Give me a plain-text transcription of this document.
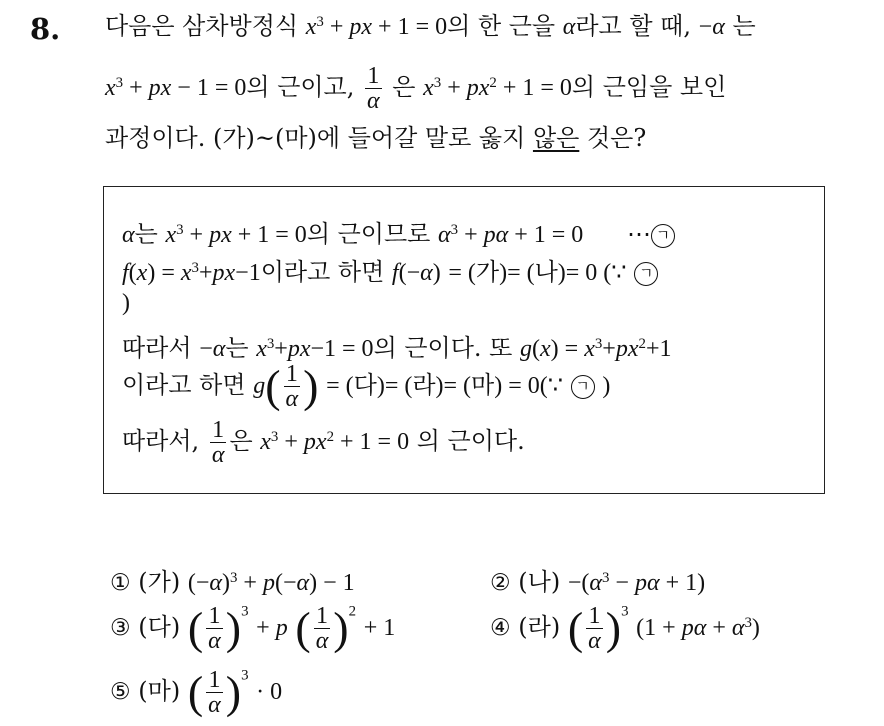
8. 다음은 삼차방정식 $x^3$ + px + 1 = 0의 한 근을 α라고 할 때, −α 는
$x^3$ + px − 1 = 0의 근이고, $\frac{1}{\alpha}$ 은 $x^3 + px^2 + 1 = 0$의 근임을 보인
과정이다. (가)~(마)에 들어갈 말로 옳지 않은 것은?
α는 $x^3$ + px + 1 = 0의 근이므로 $\alpha^3 + p\alpha + 1 = 0$ ⋯ ㄱ
$f(x) = x^3+px-1$이라고 하면 f(−α) = (가)= (나)= 0 (∵ ㄱ
)
따라서 −α는 $x^3+px-1 = 0$의 근이다. 또 $g(x) = x^3+px^2+1$
이라고 하면 $g( \frac{1}{\alpha}$ ) = (다)= (라)= (마) = 0(∵ ㄱ )
따라서, $\frac{1}{\alpha}$ 은 $x^3 + px^2 + 1 = 0$ 의 근이다.
① (가) $(-\alpha)^3 + p(-\alpha) - 1$	② (나) $-(\alpha^3 - p\alpha + 1)$
③ (다) ( $\frac{1}{\alpha} )^3 + p$ ( $\frac{1}{\alpha} )^2 + 1$	④ (라) ( $\frac{1}{\alpha} )^3$ $(1 + p\alpha + \alpha^3)$
⑤ (마) ( $\frac{1}{\alpha} )^3 \cdot 0$
